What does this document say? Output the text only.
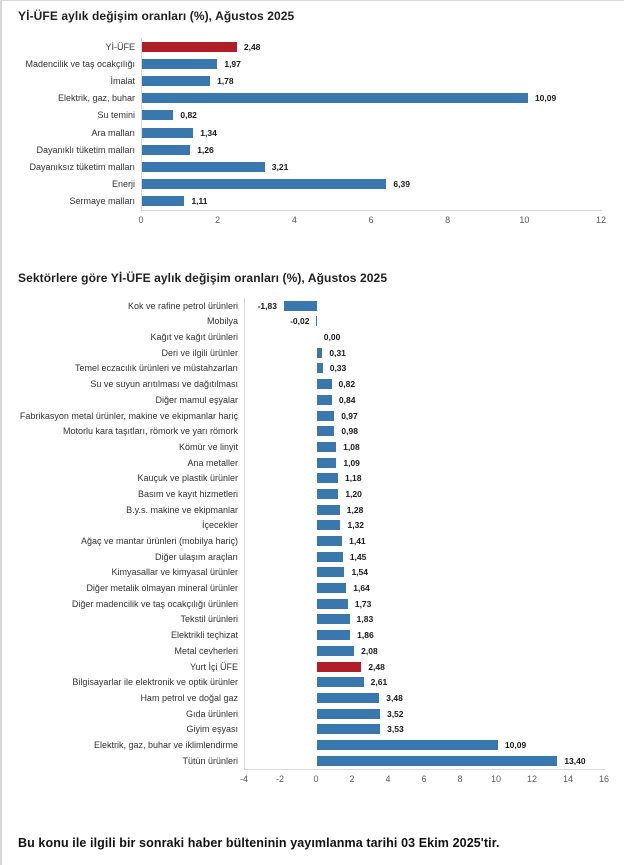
Yİ-ÜFE aylık değişim oranları (%), Ağustos 2025
Yİ-ÜFE	2,48
Madencilik ve taş ocakçılığı	1,97
İmalat	1,78
Elektrik, gaz, buhar	10,09
Su temini	0,82
Ara malları	1,34
Dayanıklı tüketim malları	1,26
Dayanıksız tüketim malları	3,21
Enerji	6,39
Sermaye malları	1,11
0	2	4	6	8	10	12
Sektörlere göre Yİ-ÜFE aylık değişim oranları (%), Ağustos 2025
Kok ve rafine petrol ürünleri	-1,83
Mobilya	-0,02
Kağıt ve kağıt ürünleri	0,00
Deri ve ilgili ürünler	0,31
Temel eczacılık ürünleri ve müstahzarları	0,33
Su ve suyun arıtılması ve dağıtılması	0,82
Diğer mamul eşyalar	0,84
Fabrikasyon metal ürünler, makine ve ekipmanlar hariç	0,97
Motorlu kara taşıtları, römork ve yarı römork	0,98
Kömür ve linyit	1,08
Ana metaller	1,09
Kauçuk ve plastik ürünler	1,18
Basım ve kayıt hizmetleri	1,20
B.y.s. makine ve ekipmanlar	1,28
İçecekler	1,32
Ağaç ve mantar ürünleri (mobilya hariç)	1,41
Diğer ulaşım araçları	1,45
Kimyasallar ve kimyasal ürünler	1,54
Diğer metalik olmayan mineral ürünler	1,64
Diğer madencilik ve taş ocakçılığı ürünleri	1,73
Tekstil ürünleri	1,83
Elektrikli teçhizat	1,86
Metal cevherleri	2,08
Yurt İçi ÜFE	2,48
Bilgisayarlar ile elektronik ve optik ürünler	2,61
Ham petrol ve doğal gaz	3,48
Gıda ürünleri	3,52
Giyim eşyası	3,53
Elektrik, gaz, buhar ve iklimlendirme	10,09
Tütün ürünleri	13,40
-4	-2	0	2	4	6	8	10	12	14	16

Bu konu ile ilgili bir sonraki haber bülteninin yayımlanma tarihi 03 Ekim 2025'tir.
